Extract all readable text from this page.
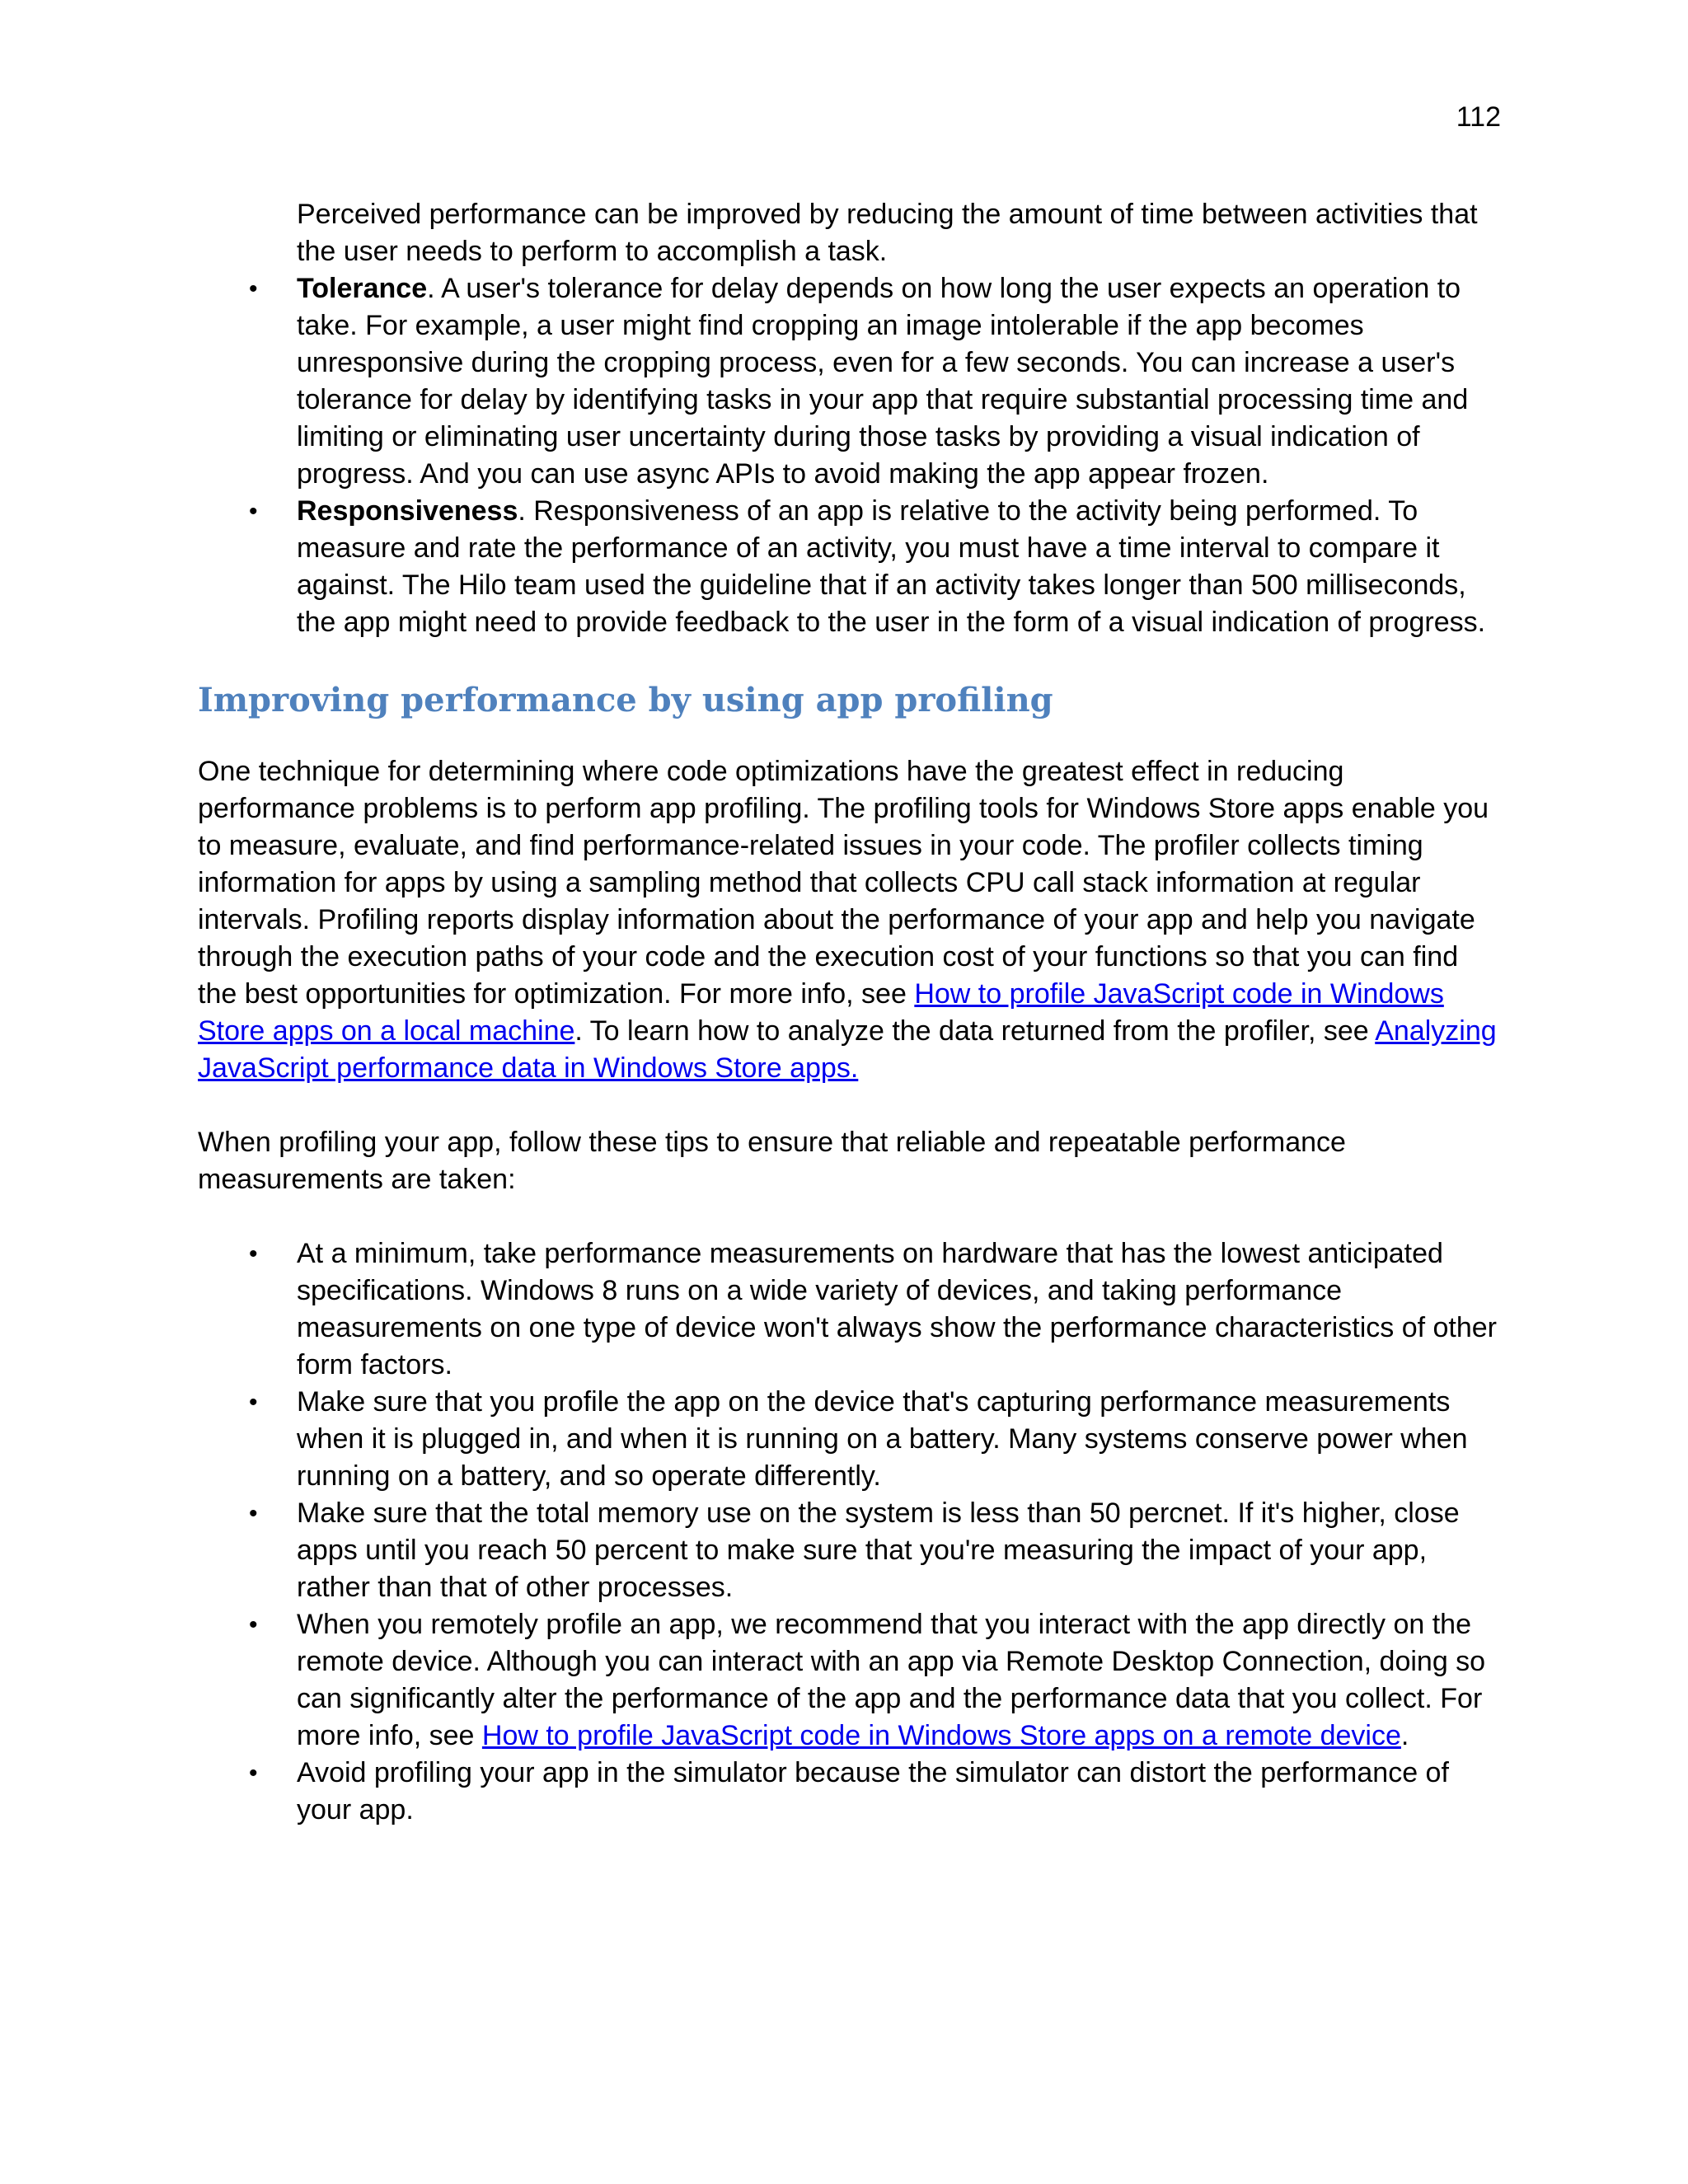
112

Perceived performance can be improved by reducing the amount of time between activities that the user needs to perform to accomplish a task.

• Tolerance. A user's tolerance for delay depends on how long the user expects an operation to take. For example, a user might find cropping an image intolerable if the app becomes unresponsive during the cropping process, even for a few seconds. You can increase a user's tolerance for delay by identifying tasks in your app that require substantial processing time and limiting or eliminating user uncertainty during those tasks by providing a visual indication of progress. And you can use async APIs to avoid making the app appear frozen.
• Responsiveness. Responsiveness of an app is relative to the activity being performed. To measure and rate the performance of an activity, you must have a time interval to compare it against. The Hilo team used the guideline that if an activity takes longer than 500 milliseconds, the app might need to provide feedback to the user in the form of a visual indication of progress.
Improving performance by using app profiling

One technique for determining where code optimizations have the greatest effect in reducing performance problems is to perform app profiling. The profiling tools for Windows Store apps enable you to measure, evaluate, and find performance-related issues in your code. The profiler collects timing information for apps by using a sampling method that collects CPU call stack information at regular intervals. Profiling reports display information about the performance of your app and help you navigate through the execution paths of your code and the execution cost of your functions so that you can find the best opportunities for optimization. For more info, see How to profile JavaScript code in Windows Store apps on a local machine. To learn how to analyze the data returned from the profiler, see Analyzing JavaScript performance data in Windows Store apps.

When profiling your app, follow these tips to ensure that reliable and repeatable performance measurements are taken:

• At a minimum, take performance measurements on hardware that has the lowest anticipated specifications. Windows 8 runs on a wide variety of devices, and taking performance measurements on one type of device won't always show the performance characteristics of other form factors.
• Make sure that you profile the app on the device that's capturing performance measurements when it is plugged in, and when it is running on a battery. Many systems conserve power when running on a battery, and so operate differently.
• Make sure that the total memory use on the system is less than 50 percnet. If it's higher, close apps until you reach 50 percent to make sure that you're measuring the impact of your app, rather than that of other processes.
• When you remotely profile an app, we recommend that you interact with the app directly on the remote device. Although you can interact with an app via Remote Desktop Connection, doing so can significantly alter the performance of the app and the performance data that you collect. For more info, see How to profile JavaScript code in Windows Store apps on a remote device.
• Avoid profiling your app in the simulator because the simulator can distort the performance of your app.
